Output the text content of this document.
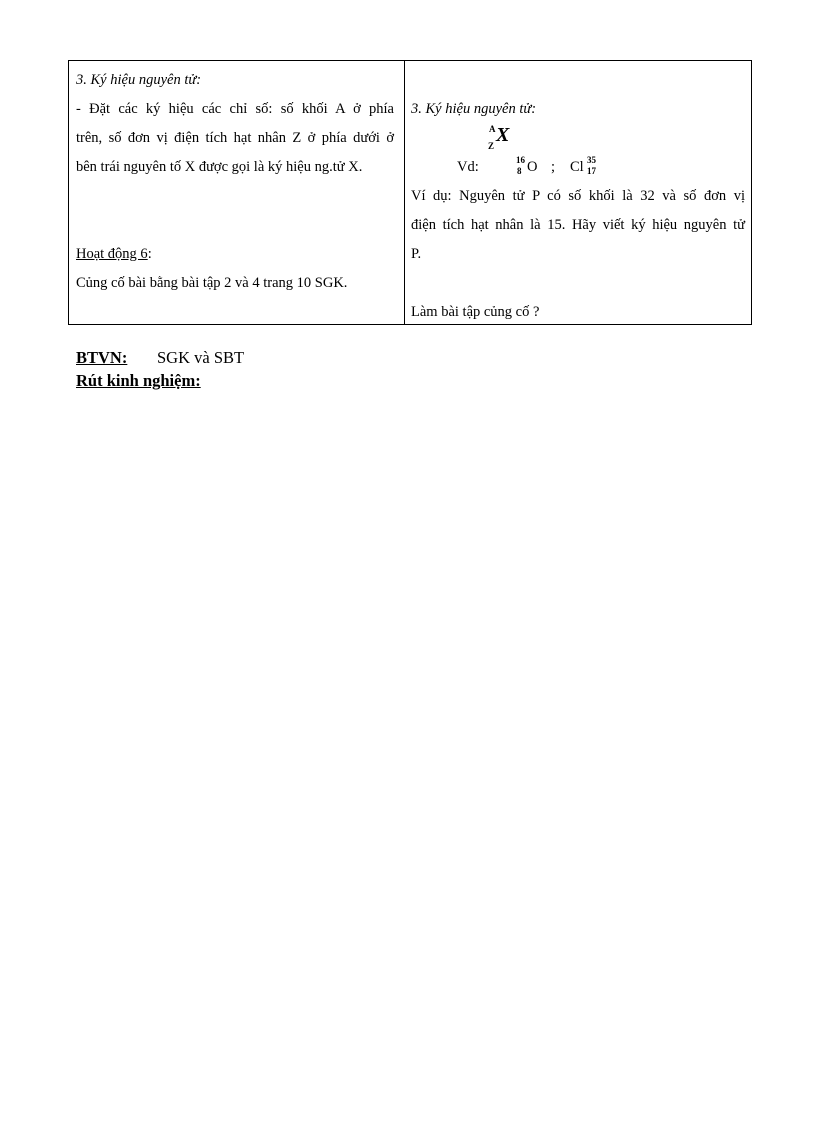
3. Ký hiệu nguyên tử:
- Đặt các ký hiệu các chỉ số: số khối A ở phía
trên, số đơn vị điện tích hạt nhân Z ở phía dưới ở
bên trái nguyên tố X được gọi là ký hiệu ng.tử X.
Hoạt động 6:
Củng cố bài bằng bài tập 2 và 4 trang 10 SGK.
3. Ký hiệu nguyên tử:
A
Z X
Vd:	16
8 O ; Cl 35
17
Ví dụ: Nguyên tử P có số khối là 32 và số đơn vị
điện tích hạt nhân là 15. Hãy viết ký hiệu nguyên tử
P.
Làm bài tập củng cố ?
BTVN: SGK và SBT
Rút kinh nghiệm:
